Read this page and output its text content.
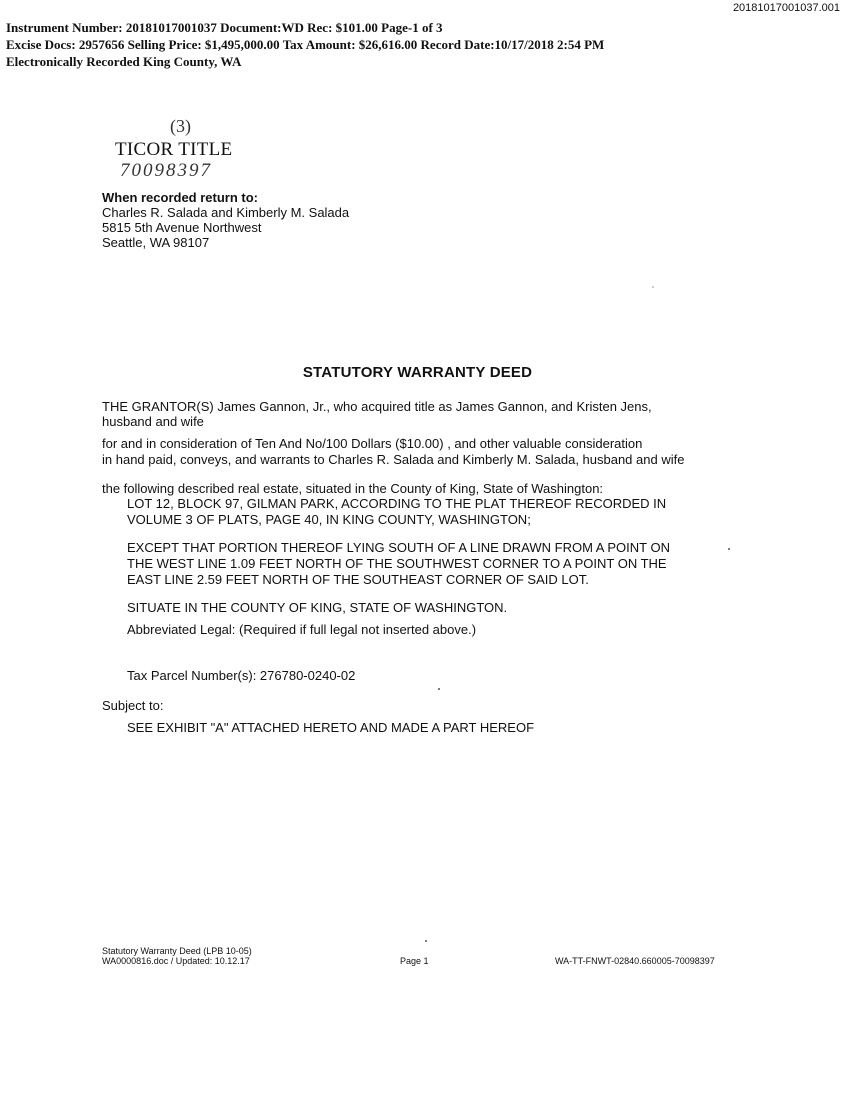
20181017001037.001
Instrument Number: 20181017001037 Document:WD Rec: $101.00 Page-1 of 3
Excise Docs: 2957656 Selling Price: $1,495,000.00 Tax Amount: $26,616.00 Record Date:10/17/2018 2:54 PM
Electronically Recorded King County, WA
(3)
TICOR TITLE
70098397
When recorded return to:
Charles R. Salada and Kimberly M. Salada
5815 5th Avenue Northwest
Seattle, WA 98107
STATUTORY WARRANTY DEED
THE GRANTOR(S) James Gannon, Jr., who acquired title as James Gannon, and Kristen Jens,
husband and wife
for and in consideration of Ten And No/100 Dollars ($10.00) , and other valuable consideration
in hand paid, conveys, and warrants to Charles R. Salada and Kimberly M. Salada, husband and wife
the following described real estate, situated in the County of King, State of Washington:
LOT 12, BLOCK 97, GILMAN PARK, ACCORDING TO THE PLAT THEREOF RECORDED IN
VOLUME 3 OF PLATS, PAGE 40, IN KING COUNTY, WASHINGTON;
EXCEPT THAT PORTION THEREOF LYING SOUTH OF A LINE DRAWN FROM A POINT ON
THE WEST LINE 1.09 FEET NORTH OF THE SOUTHWEST CORNER TO A POINT ON THE
EAST LINE 2.59 FEET NORTH OF THE SOUTHEAST CORNER OF SAID LOT.
SITUATE IN THE COUNTY OF KING, STATE OF WASHINGTON.
Abbreviated Legal: (Required if full legal not inserted above.)
Tax Parcel Number(s): 276780-0240-02
Subject to:
SEE EXHIBIT "A" ATTACHED HERETO AND MADE A PART HEREOF
Statutory Warranty Deed (LPB 10-05)
WA0000816.doc / Updated: 10.12.17	Page 1	WA-TT-FNWT-02840.660005-70098397
